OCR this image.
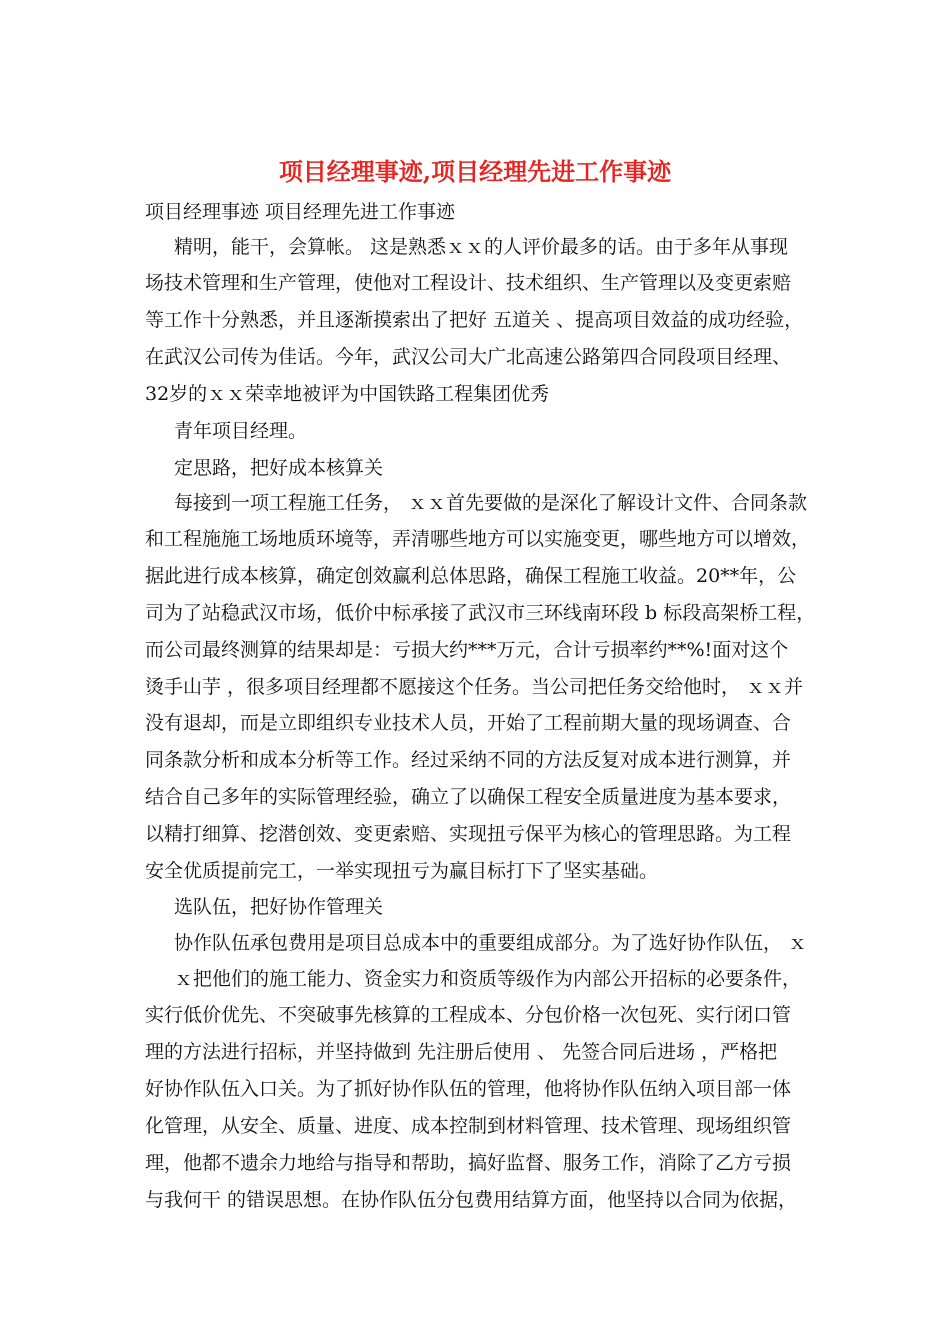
项目经理事迹,项目经理先进工作事迹
项目经理事迹 项目经理先进工作事迹
精明，能干，会算帐。 这是熟悉ｘｘ的人评价最多的话。由于多年从事现
场技术管理和生产管理，使他对工程设计、技术组织、生产管理以及变更索赔
等工作十分熟悉，并且逐渐摸索出了把好 五道关 、提高项目效益的成功经验，
在武汉公司传为佳话。今年，武汉公司大广北高速公路第四合同段项目经理、
32岁的ｘｘ荣幸地被评为中国铁路工程集团优秀
青年项目经理。
定思路，把好成本核算关
每接到一项工程施工任务， ｘｘ首先要做的是深化了解设计文件、合同条款
和工程施施工场地质环境等，弄清哪些地方可以实施变更，哪些地方可以增效，
据此进行成本核算，确定创效赢利总体思路，确保工程施工收益。20**年，公
司为了站稳武汉市场，低价中标承接了武汉市三环线南环段 b 标段高架桥工程，
而公司最终测算的结果却是：亏损大约***万元，合计亏损率约**%!面对这个
烫手山芋 ，很多项目经理都不愿接这个任务。当公司把任务交给他时， ｘｘ并
没有退却，而是立即组织专业技术人员，开始了工程前期大量的现场调查、合
同条款分析和成本分析等工作。经过采纳不同的方法反复对成本进行测算，并
结合自己多年的实际管理经验，确立了以确保工程安全质量进度为基本要求，
以精打细算、挖潜创效、变更索赔、实现扭亏保平为核心的管理思路。为工程
安全优质提前完工，一举实现扭亏为赢目标打下了坚实基础。
选队伍，把好协作管理关
协作队伍承包费用是项目总成本中的重要组成部分。为了选好协作队伍， ｘ
ｘ把他们的施工能力、资金实力和资质等级作为内部公开招标的必要条件，
实行低价优先、不突破事先核算的工程成本、分包价格一次包死、实行闭口管
理的方法进行招标，并坚持做到 先注册后使用 、 先签合同后进场 ，严格把
好协作队伍入口关。为了抓好协作队伍的管理，他将协作队伍纳入项目部一体
化管理，从安全、质量、进度、成本控制到材料管理、技术管理、现场组织管
理，他都不遗余力地给与指导和帮助，搞好监督、服务工作，消除了乙方亏损
与我何干 的错误思想。在协作队伍分包费用结算方面，他坚持以合同为依据，
